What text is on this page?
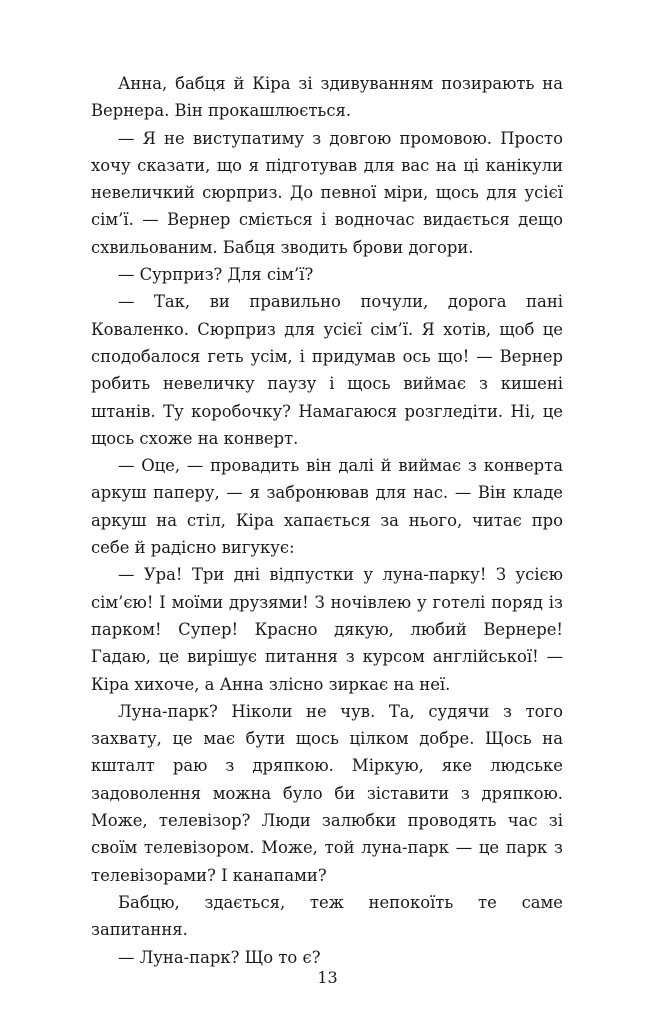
Анна, бабця й Кіра зі здивуванням позирають на Вернера. Він прокашлюється.

— Я не виступатиму з довгою промовою. Просто хочу сказати, що я підготував для вас на ці канікули невеличкий сюрприз. До певної міри, щось для усієї сім’ї. — Вернер сміється і водночас видається дещо схвильованим. Бабця зводить брови догори.

— Сурприз? Для сім’ї?

— Так, ви правильно почули, дорога пані Коваленко. Сюрприз для усієї сім’ї. Я хотів, щоб це сподобалося геть усім, і придумав ось що! — Вернер робить невеличку паузу і щось виймає з кишені штанів. Ту коробочку? Намагаюся розгледіти. Ні, це щось схоже на конверт.

— Оце, — провадить він далі й виймає з конверта аркуш паперу, — я забронював для нас. — Він кладе аркуш на стіл, Кіра хапається за нього, читає про себе й радісно вигукує:

— Ура! Три дні відпустки у луна-парку! З усією сім’єю! І моїми друзями! З ночівлею у готелі поряд із парком! Супер! Красно дякую, любий Вернере! Гадаю, це вирішує питання з курсом англійської! — Кіра хихоче, а Анна злісно зиркає на неї.

Луна-парк? Ніколи не чув. Та, судячи з того захвату, це має бути щось цілком добре. Щось на кшталт раю з дряпкою. Міркую, яке людське задоволення можна було би зіставити з дряпкою. Може, телевізор? Люди залюбки проводять час зі своїм телевізором. Може, той луна-парк — це парк з телевізорами? І канапами?

Бабцю, здається, теж непокоїть те саме запитання.

— Луна-парк? Що то є?

13
